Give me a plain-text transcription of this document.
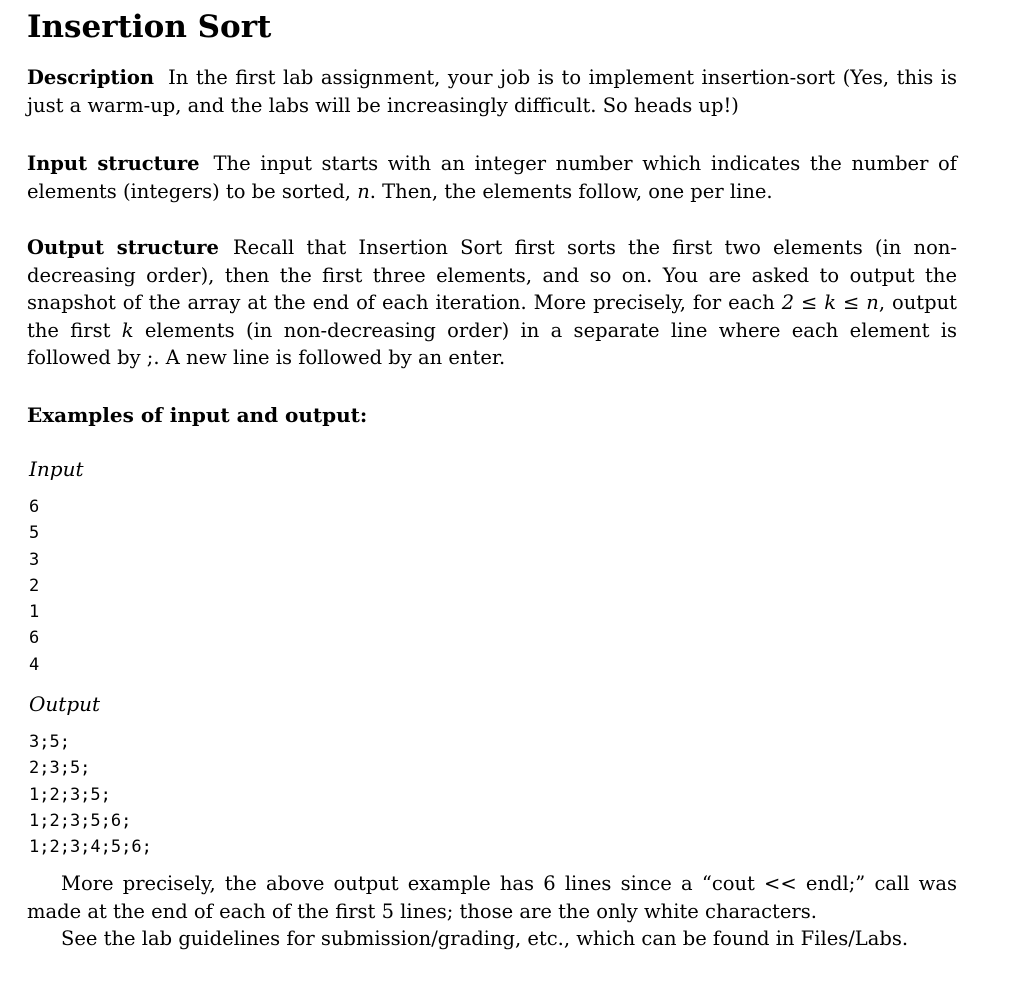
Insertion Sort

Description In the first lab assignment, your job is to implement insertion-sort (Yes, this is just a warm-up, and the labs will be increasingly difficult. So heads up!)

Input structure The input starts with an integer number which indicates the number of elements (integers) to be sorted, n. Then, the elements follow, one per line.

Output structure Recall that Insertion Sort first sorts the first two elements (in non-decreasing order), then the first three elements, and so on. You are asked to output the snapshot of the array at the end of each iteration. More precisely, for each 2 ≤ k ≤ n, output the first k elements (in non-decreasing order) in a separate line where each element is followed by ;. A new line is followed by an enter.

Examples of input and output:

Input

6
5
3
2
1
6
4

Output

3;5;
2;3;5;
1;2;3;5;
1;2;3;5;6;
1;2;3;4;5;6;

More precisely, the above output example has 6 lines since a “cout << endl;” call was made at the end of each of the first 5 lines; those are the only white characters.

See the lab guidelines for submission/grading, etc., which can be found in Files/Labs.
